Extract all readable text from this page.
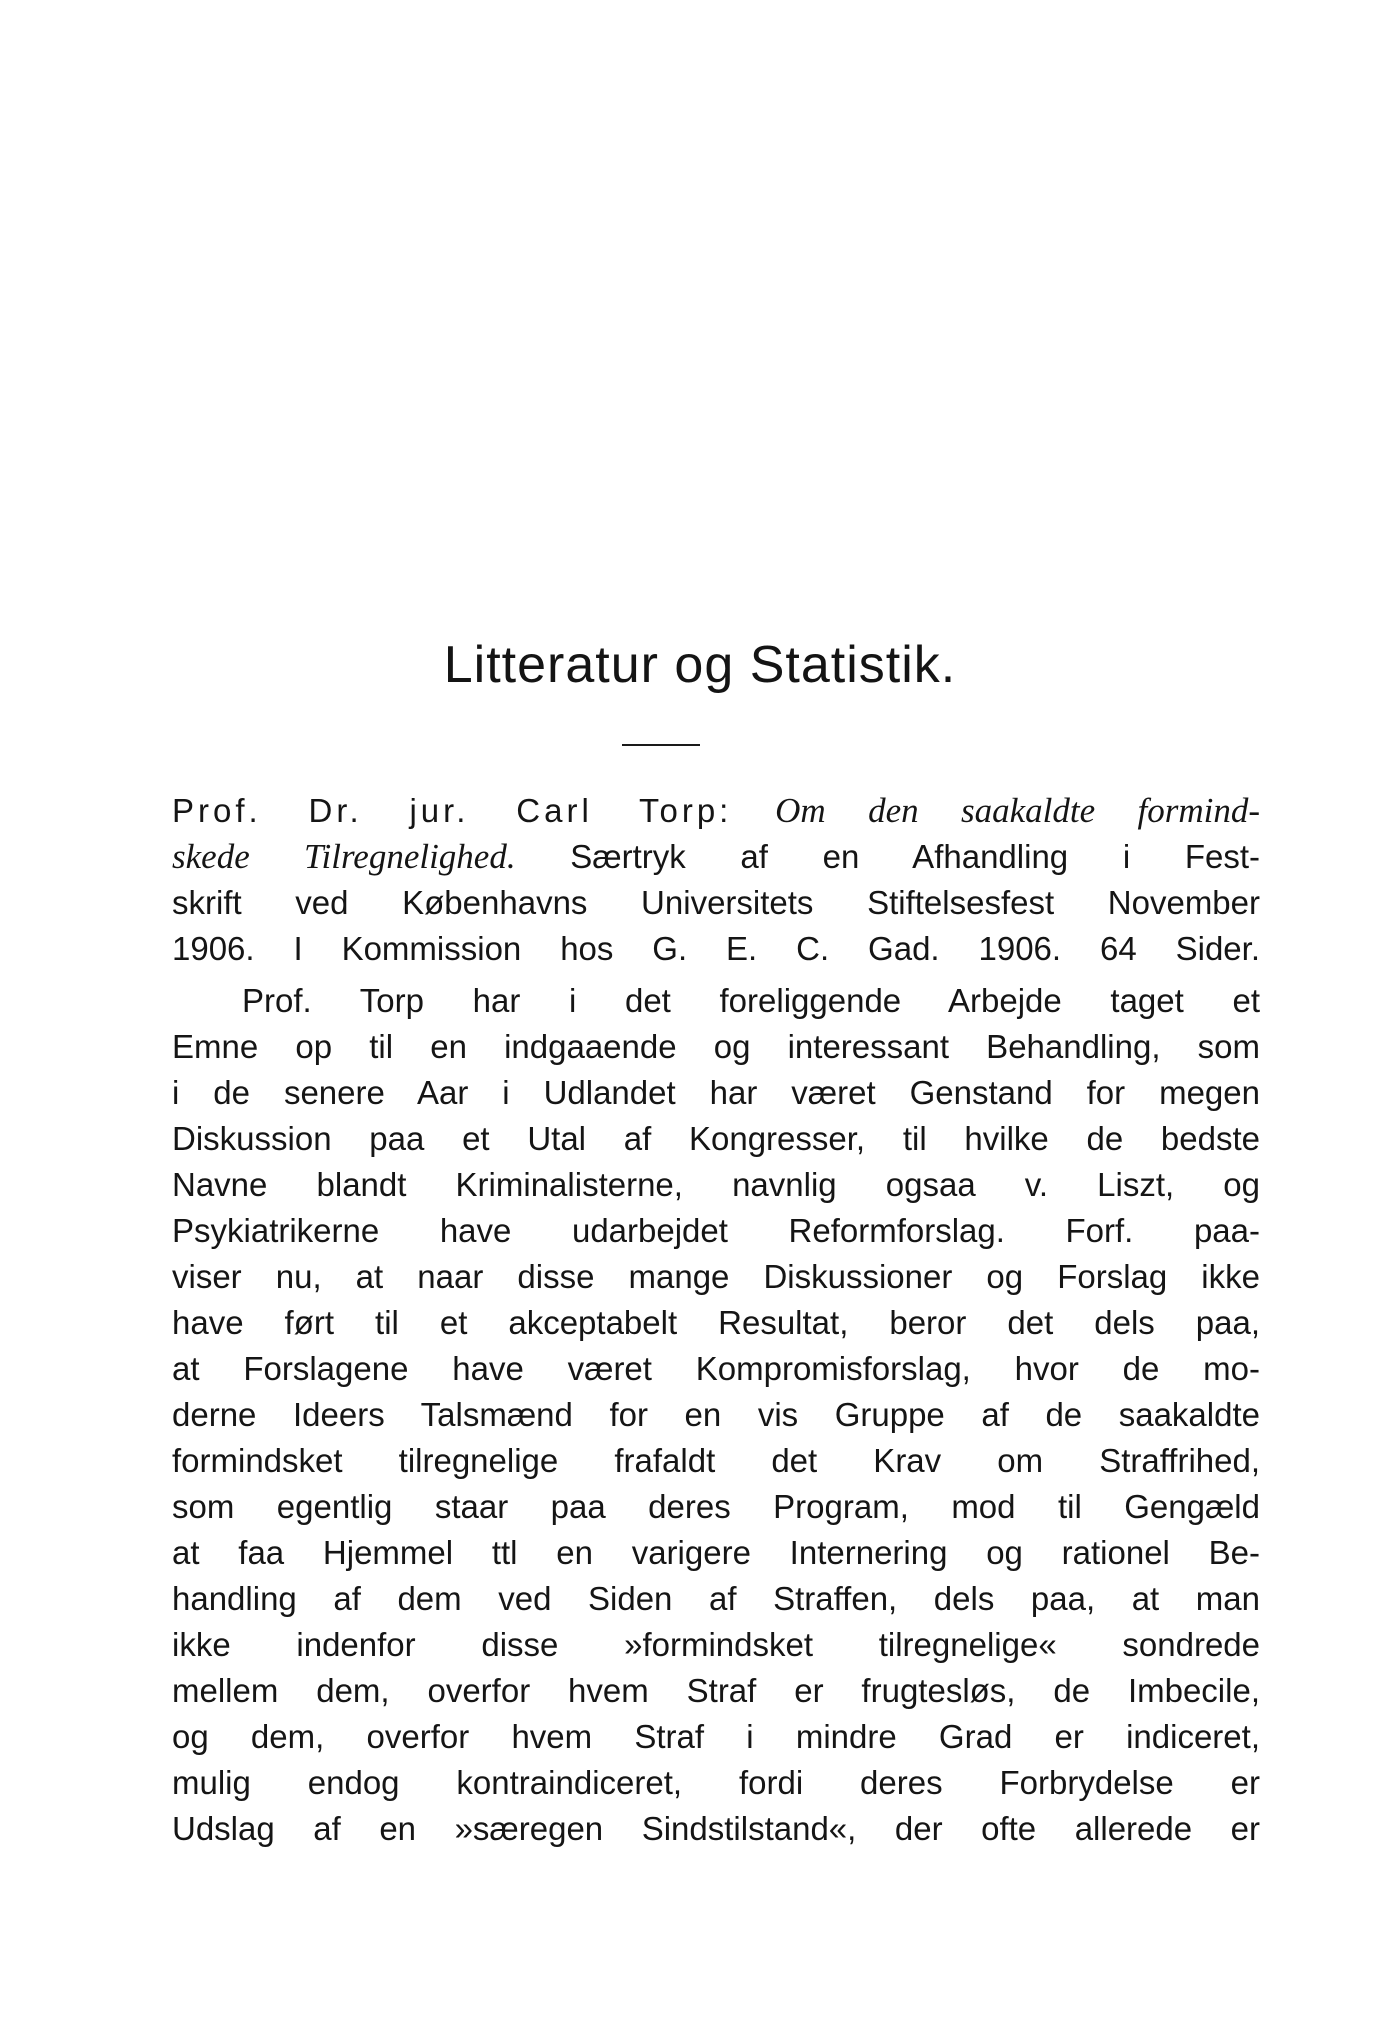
Litteratur og Statistik.
Prof. Dr. jur. Carl Torp: Om den saakaldte formind-
skede Tilregnelighed. Særtryk af en Afhandling i Fest-
skrift ved Københavns Universitets Stiftelsesfest November
1906. I Kommission hos G. E. C. Gad. 1906. 64 Sider.
Prof. Torp har i det foreliggende Arbejde taget et
Emne op til en indgaaende og interessant Behandling, som
i de senere Aar i Udlandet har været Genstand for megen
Diskussion paa et Utal af Kongresser, til hvilke de bedste
Navne blandt Kriminalisterne, navnlig ogsaa v. Liszt, og
Psykiatrikerne have udarbejdet Reformforslag. Forf. paa-
viser nu, at naar disse mange Diskussioner og Forslag ikke
have ført til et akceptabelt Resultat, beror det dels paa,
at Forslagene have været Kompromisforslag, hvor de mo-
derne Ideers Talsmænd for en vis Gruppe af de saakaldte
formindsket tilregnelige frafaldt det Krav om Straffrihed,
som egentlig staar paa deres Program, mod til Gengæld
at faa Hjemmel ttl en varigere Internering og rationel Be-
handling af dem ved Siden af Straffen, dels paa, at man
ikke indenfor disse »formindsket tilregnelige« sondrede
mellem dem, overfor hvem Straf er frugtesløs, de Imbecile,
og dem, overfor hvem Straf i mindre Grad er indiceret,
mulig endog kontraindiceret, fordi deres Forbrydelse er
Udslag af en »særegen Sindstilstand«, der ofte allerede er
